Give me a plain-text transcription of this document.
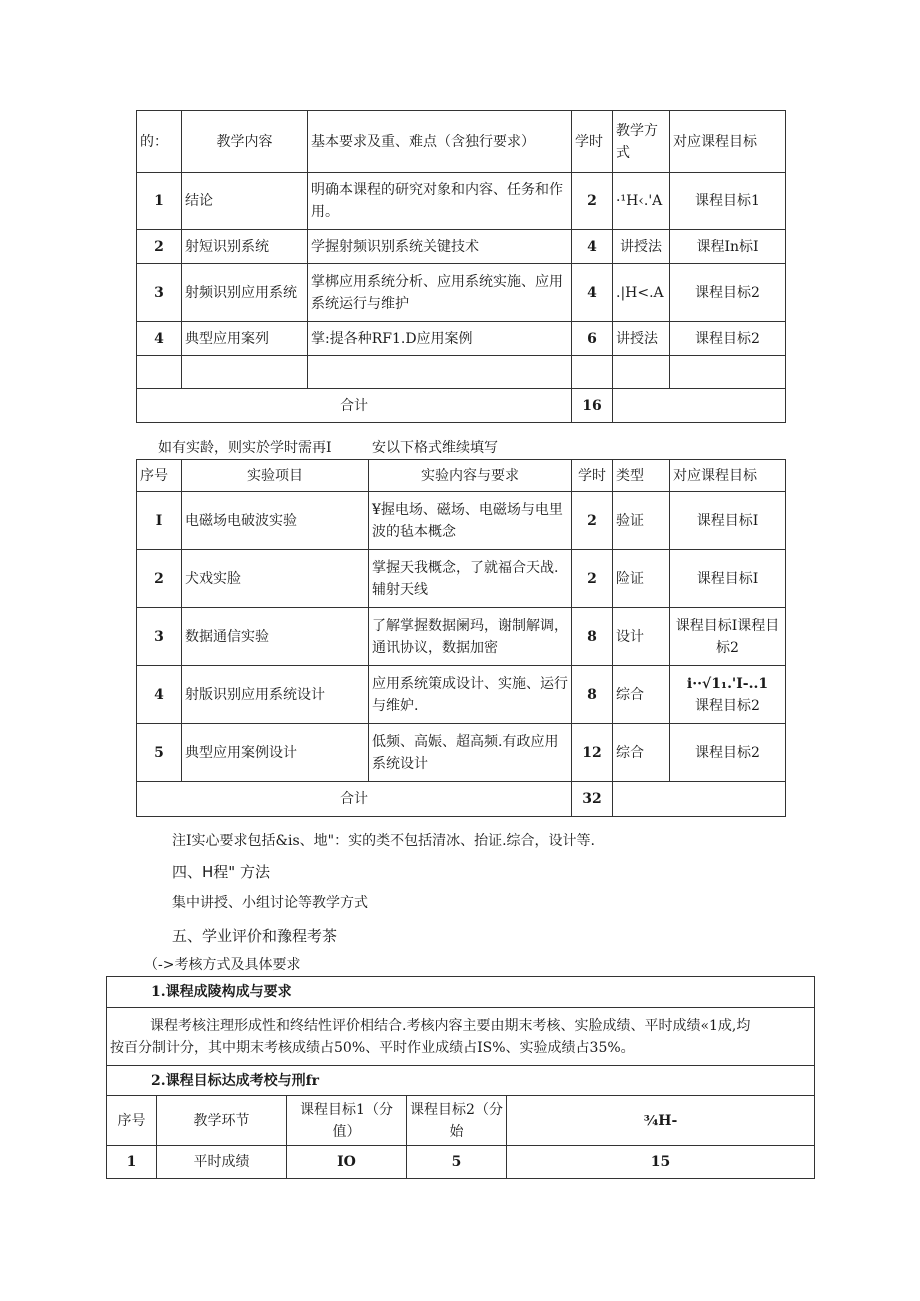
的：	教学内容	基本要求及重、难点（含独行要求）	学时	教学方式	对应课程目标
1	结论	明确本课程的研究对象和内容、任务和作用。	2	·¹H‹.'A	课程目标1
2	射短识别系统	学握射频识别系统关键技术	4	讲授法	课程In标I
3	射频识别应用系统	掌梆应用系统分析、应用系统实施、应用系统运行与维护	4	.|H<.A	课程目标2
4	典型应用案列	掌:提各种RF1.D应用案例	6	讲授法	课程目标2

合计			16		
如有实龄，则实於学时需再I	安以下格式维续填写
序号	实验项目	实验内容与要求	学时	类型	对应课程目标
I	电磁场电破波实验	¥握电场、磁场、电磁场与电里波的毡本概念	2	验证	课程目标I
2	犬戏实脸	掌握天我概念，了就福合天战.辅射天线	2	险证	课程目标I
3	数据通信实验	了解掌握数据阑玛，谢制解调，通讯协议，数据加密	8	设计	课程目标I课程目标2
4	射版识别应用系统设计	应用系统策成设计、实施、运行与维妒.	8	综合	i··√1₁.'I-..1
课程目标2

5	典型应用案例设计	低频、高娠、超高频.有政应用系统设计	12	综合	课程目标2
合计			32		
注I实心要求包括&is、地"：实的类不包括清冰、抬证.综合，设计等.
四、H程" 方法
集中讲授、小组讨论等教学方式
五、学业评价和豫程考茶
（->考核方式及具体要求
1.课程成陵构成与要求				

课程考核注理形成性和终结性评价相结合.考核内容主要由期末考核、实脸成绩、平时成绩«1成,均
按百分制计分，其中期末考核成绩占50%、平时作业成绩占IS%、实验成绩占35%。				

2.课程目标达成考校与刑fr				
序号	教学环节	课程目标1（分值）	课程目标2（分始	¾H-
1	平时成绩	IO	5	15
